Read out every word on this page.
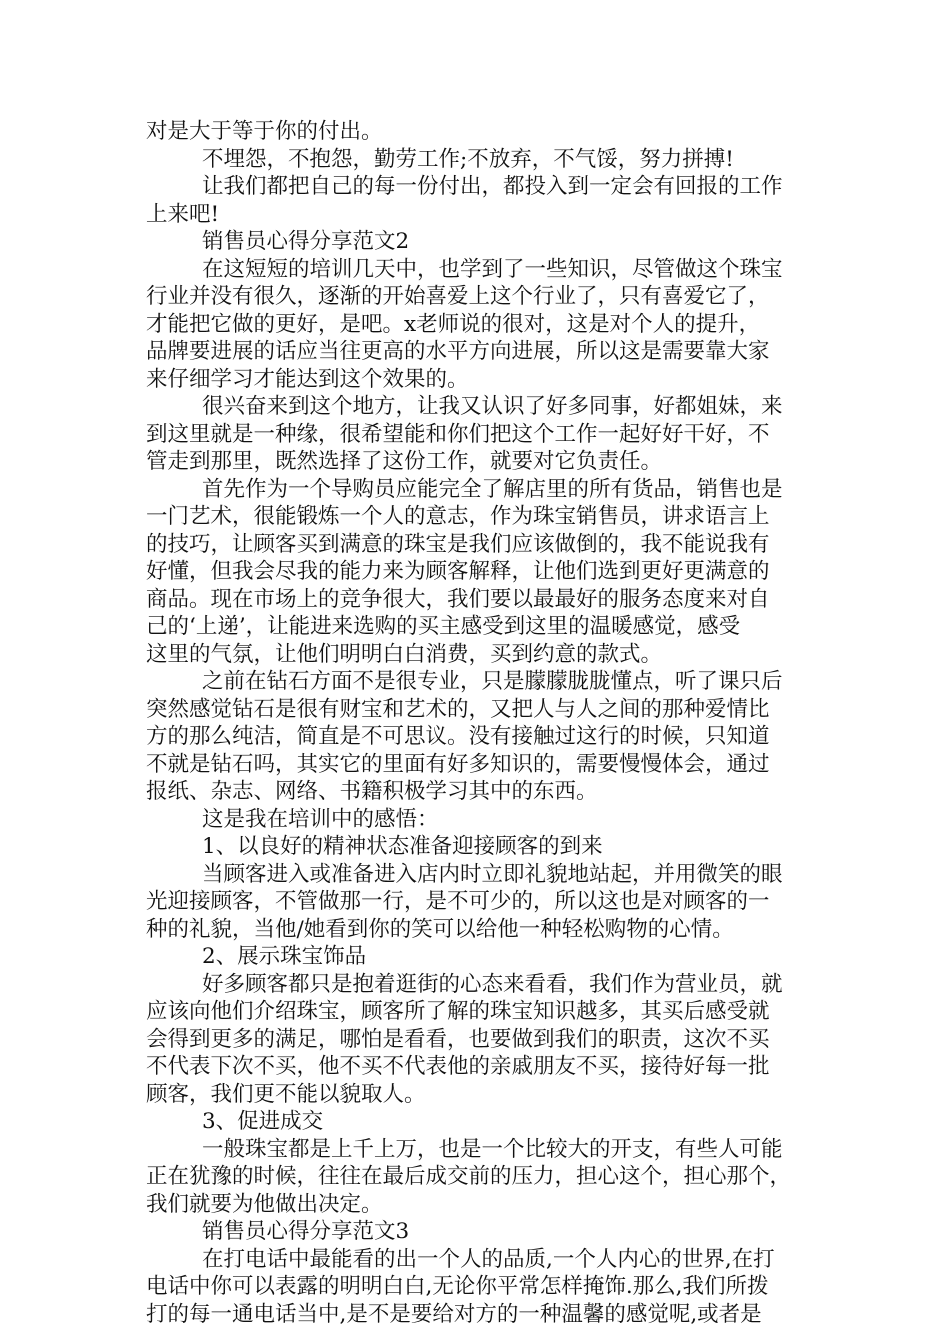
对是大于等于你的付出。
不埋怨，不抱怨，勤劳工作;不放弃，不气馁，努力拼搏!
让我们都把自己的每一份付出，都投入到一定会有回报的工作
上来吧!
销售员心得分享范文2
在这短短的培训几天中，也学到了一些知识，尽管做这个珠宝
行业并没有很久，逐渐的开始喜爱上这个行业了，只有喜爱它了，
才能把它做的更好，是吧。x老师说的很对，这是对个人的提升，
品牌要进展的话应当往更高的水平方向进展，所以这是需要靠大家
来仔细学习才能达到这个效果的。
很兴奋来到这个地方，让我又认识了好多同事，好都姐妹，来
到这里就是一种缘，很希望能和你们把这个工作一起好好干好，不
管走到那里，既然选择了这份工作，就要对它负责任。
首先作为一个导购员应能完全了解店里的所有货品，销售也是
一门艺术，很能锻炼一个人的意志，作为珠宝销售员，讲求语言上
的技巧，让顾客买到满意的珠宝是我们应该做倒的，我不能说我有
好懂，但我会尽我的能力来为顾客解释，让他们选到更好更满意的
商品。现在市场上的竞争很大，我们要以最最好的服务态度来对自
己的‘上递’，让能进来选购的买主感受到这里的温暖感觉，感受
这里的气氛，让他们明明白白消费，买到约意的款式。
之前在钻石方面不是很专业，只是朦朦胧胧懂点，听了课只后
突然感觉钻石是很有财宝和艺术的，又把人与人之间的那种爱情比
方的那么纯洁，简直是不可思议。没有接触过这行的时候，只知道
不就是钻石吗，其实它的里面有好多知识的，需要慢慢体会，通过
报纸、杂志、网络、书籍积极学习其中的东西。
这是我在培训中的感悟：
1、以良好的精神状态准备迎接顾客的到来
当顾客进入或准备进入店内时立即礼貌地站起，并用微笑的眼
光迎接顾客，不管做那一行，是不可少的，所以这也是对顾客的一
种的礼貌，当他/她看到你的笑可以给他一种轻松购物的心情。
2、展示珠宝饰品
好多顾客都只是抱着逛街的心态来看看，我们作为营业员，就
应该向他们介绍珠宝，顾客所了解的珠宝知识越多，其买后感受就
会得到更多的满足，哪怕是看看，也要做到我们的职责，这次不买
不代表下次不买，他不买不代表他的亲戚朋友不买，接待好每一批
顾客，我们更不能以貌取人。
3、促进成交
一般珠宝都是上千上万，也是一个比较大的开支，有些人可能
正在犹豫的时候，往往在最后成交前的压力，担心这个，担心那个，
我们就要为他做出决定。
销售员心得分享范文3
在打电话中最能看的出一个人的品质,一个人内心的世界,在打
电话中你可以表露的明明白白,无论你平常怎样掩饰.那么,我们所拨
打的每一通电话当中,是不是要给对方的一种温馨的感觉呢,或者是
